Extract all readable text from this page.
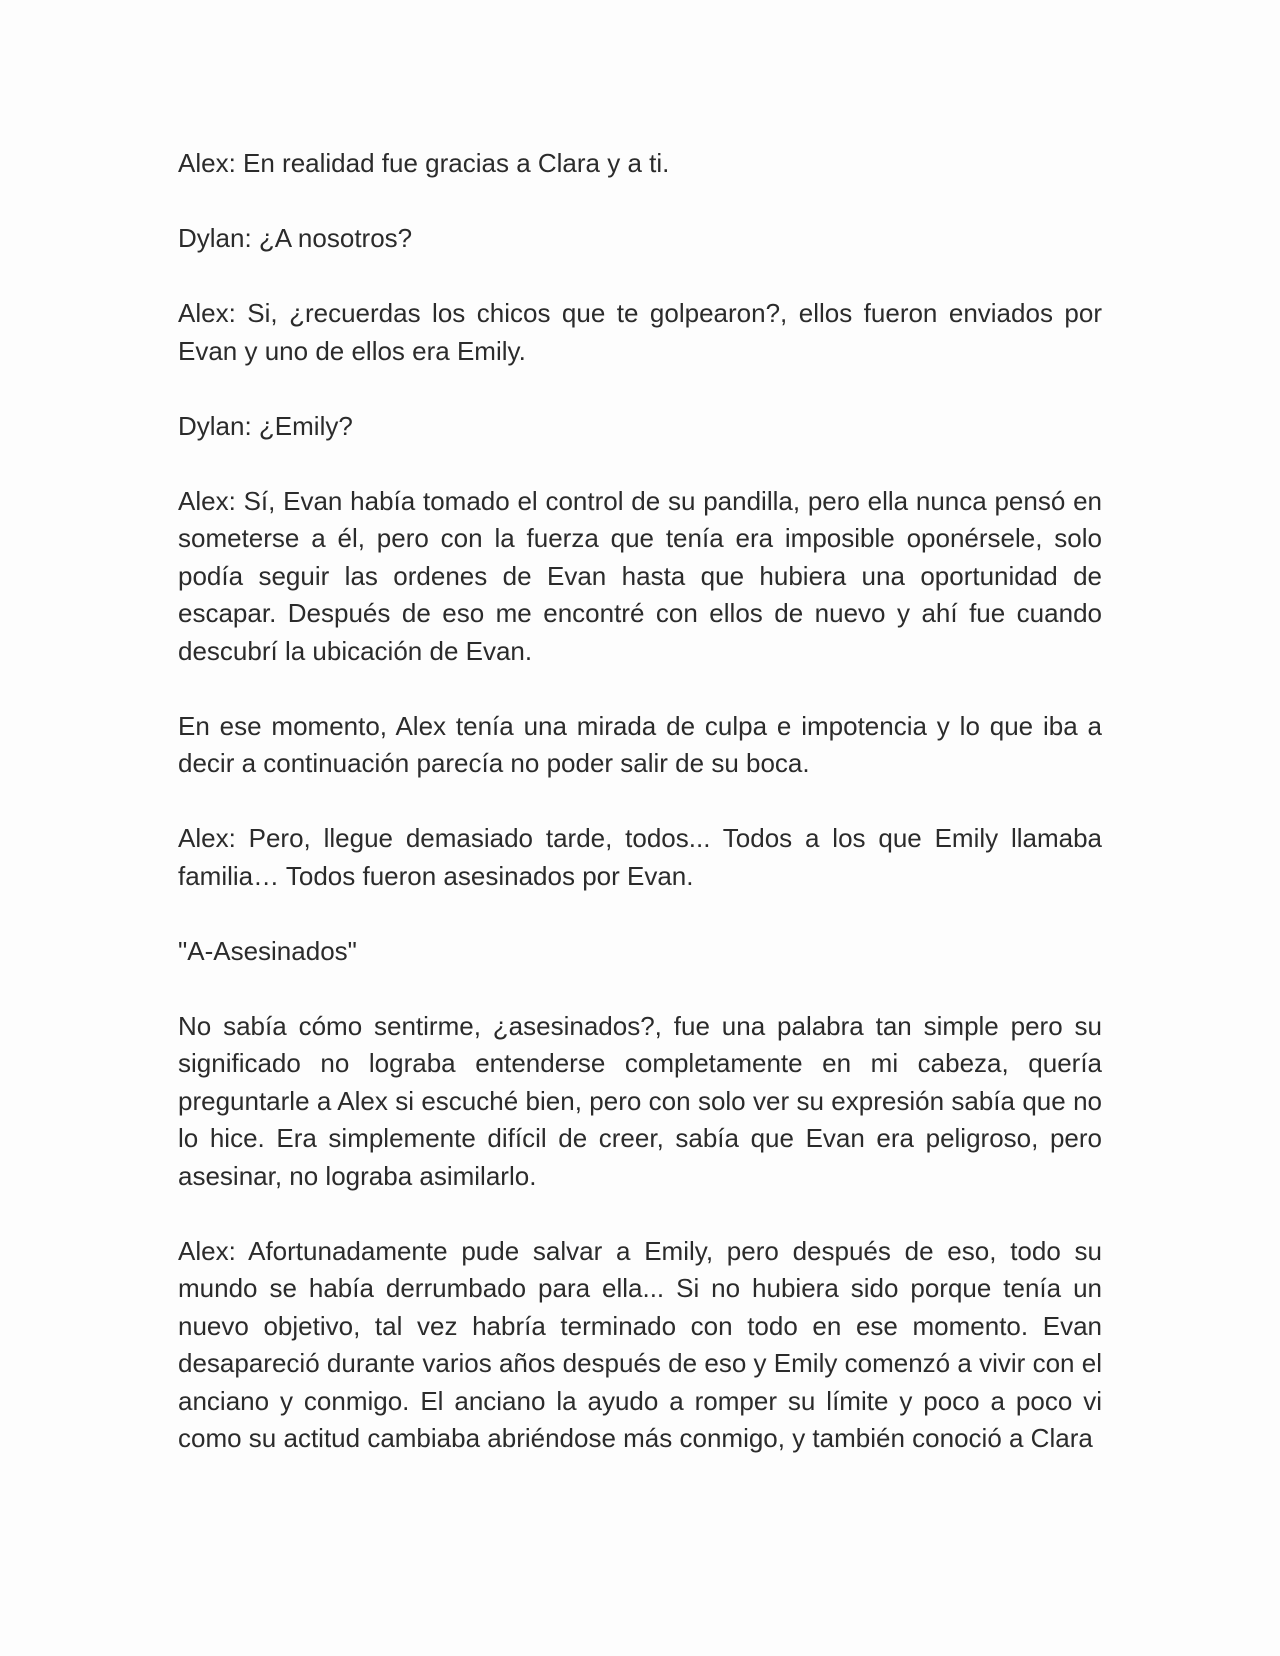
Alex: En realidad fue gracias a Clara y a ti.

Dylan: ¿A nosotros?

Alex: Si, ¿recuerdas los chicos que te golpearon?, ellos fueron enviados por Evan y uno de ellos era Emily.

Dylan: ¿Emily?

Alex: Sí, Evan había tomado el control de su pandilla, pero ella nunca pensó en someterse a él, pero con la fuerza que tenía era imposible oponérsele, solo podía seguir las ordenes de Evan hasta que hubiera una oportunidad de escapar. Después de eso me encontré con ellos de nuevo y ahí fue cuando descubrí la ubicación de Evan.

En ese momento, Alex tenía una mirada de culpa e impotencia y lo que iba a decir a continuación parecía no poder salir de su boca.

Alex: Pero, llegue demasiado tarde, todos... Todos a los que Emily llamaba familia… Todos fueron asesinados por Evan.

"A-Asesinados"

No sabía cómo sentirme, ¿asesinados?, fue una palabra tan simple pero su significado no lograba entenderse completamente en mi cabeza, quería preguntarle a Alex si escuché bien, pero con solo ver su expresión sabía que no lo hice. Era simplemente difícil de creer, sabía que Evan era peligroso, pero asesinar, no lograba asimilarlo.

Alex: Afortunadamente pude salvar a Emily, pero después de eso, todo su mundo se había derrumbado para ella... Si no hubiera sido porque tenía un nuevo objetivo, tal vez habría terminado con todo en ese momento. Evan desapareció durante varios años después de eso y Emily comenzó a vivir con el anciano y conmigo. El anciano la ayudo a romper su límite y poco a poco vi como su actitud cambiaba abriéndose más conmigo, y también conoció a Clara
